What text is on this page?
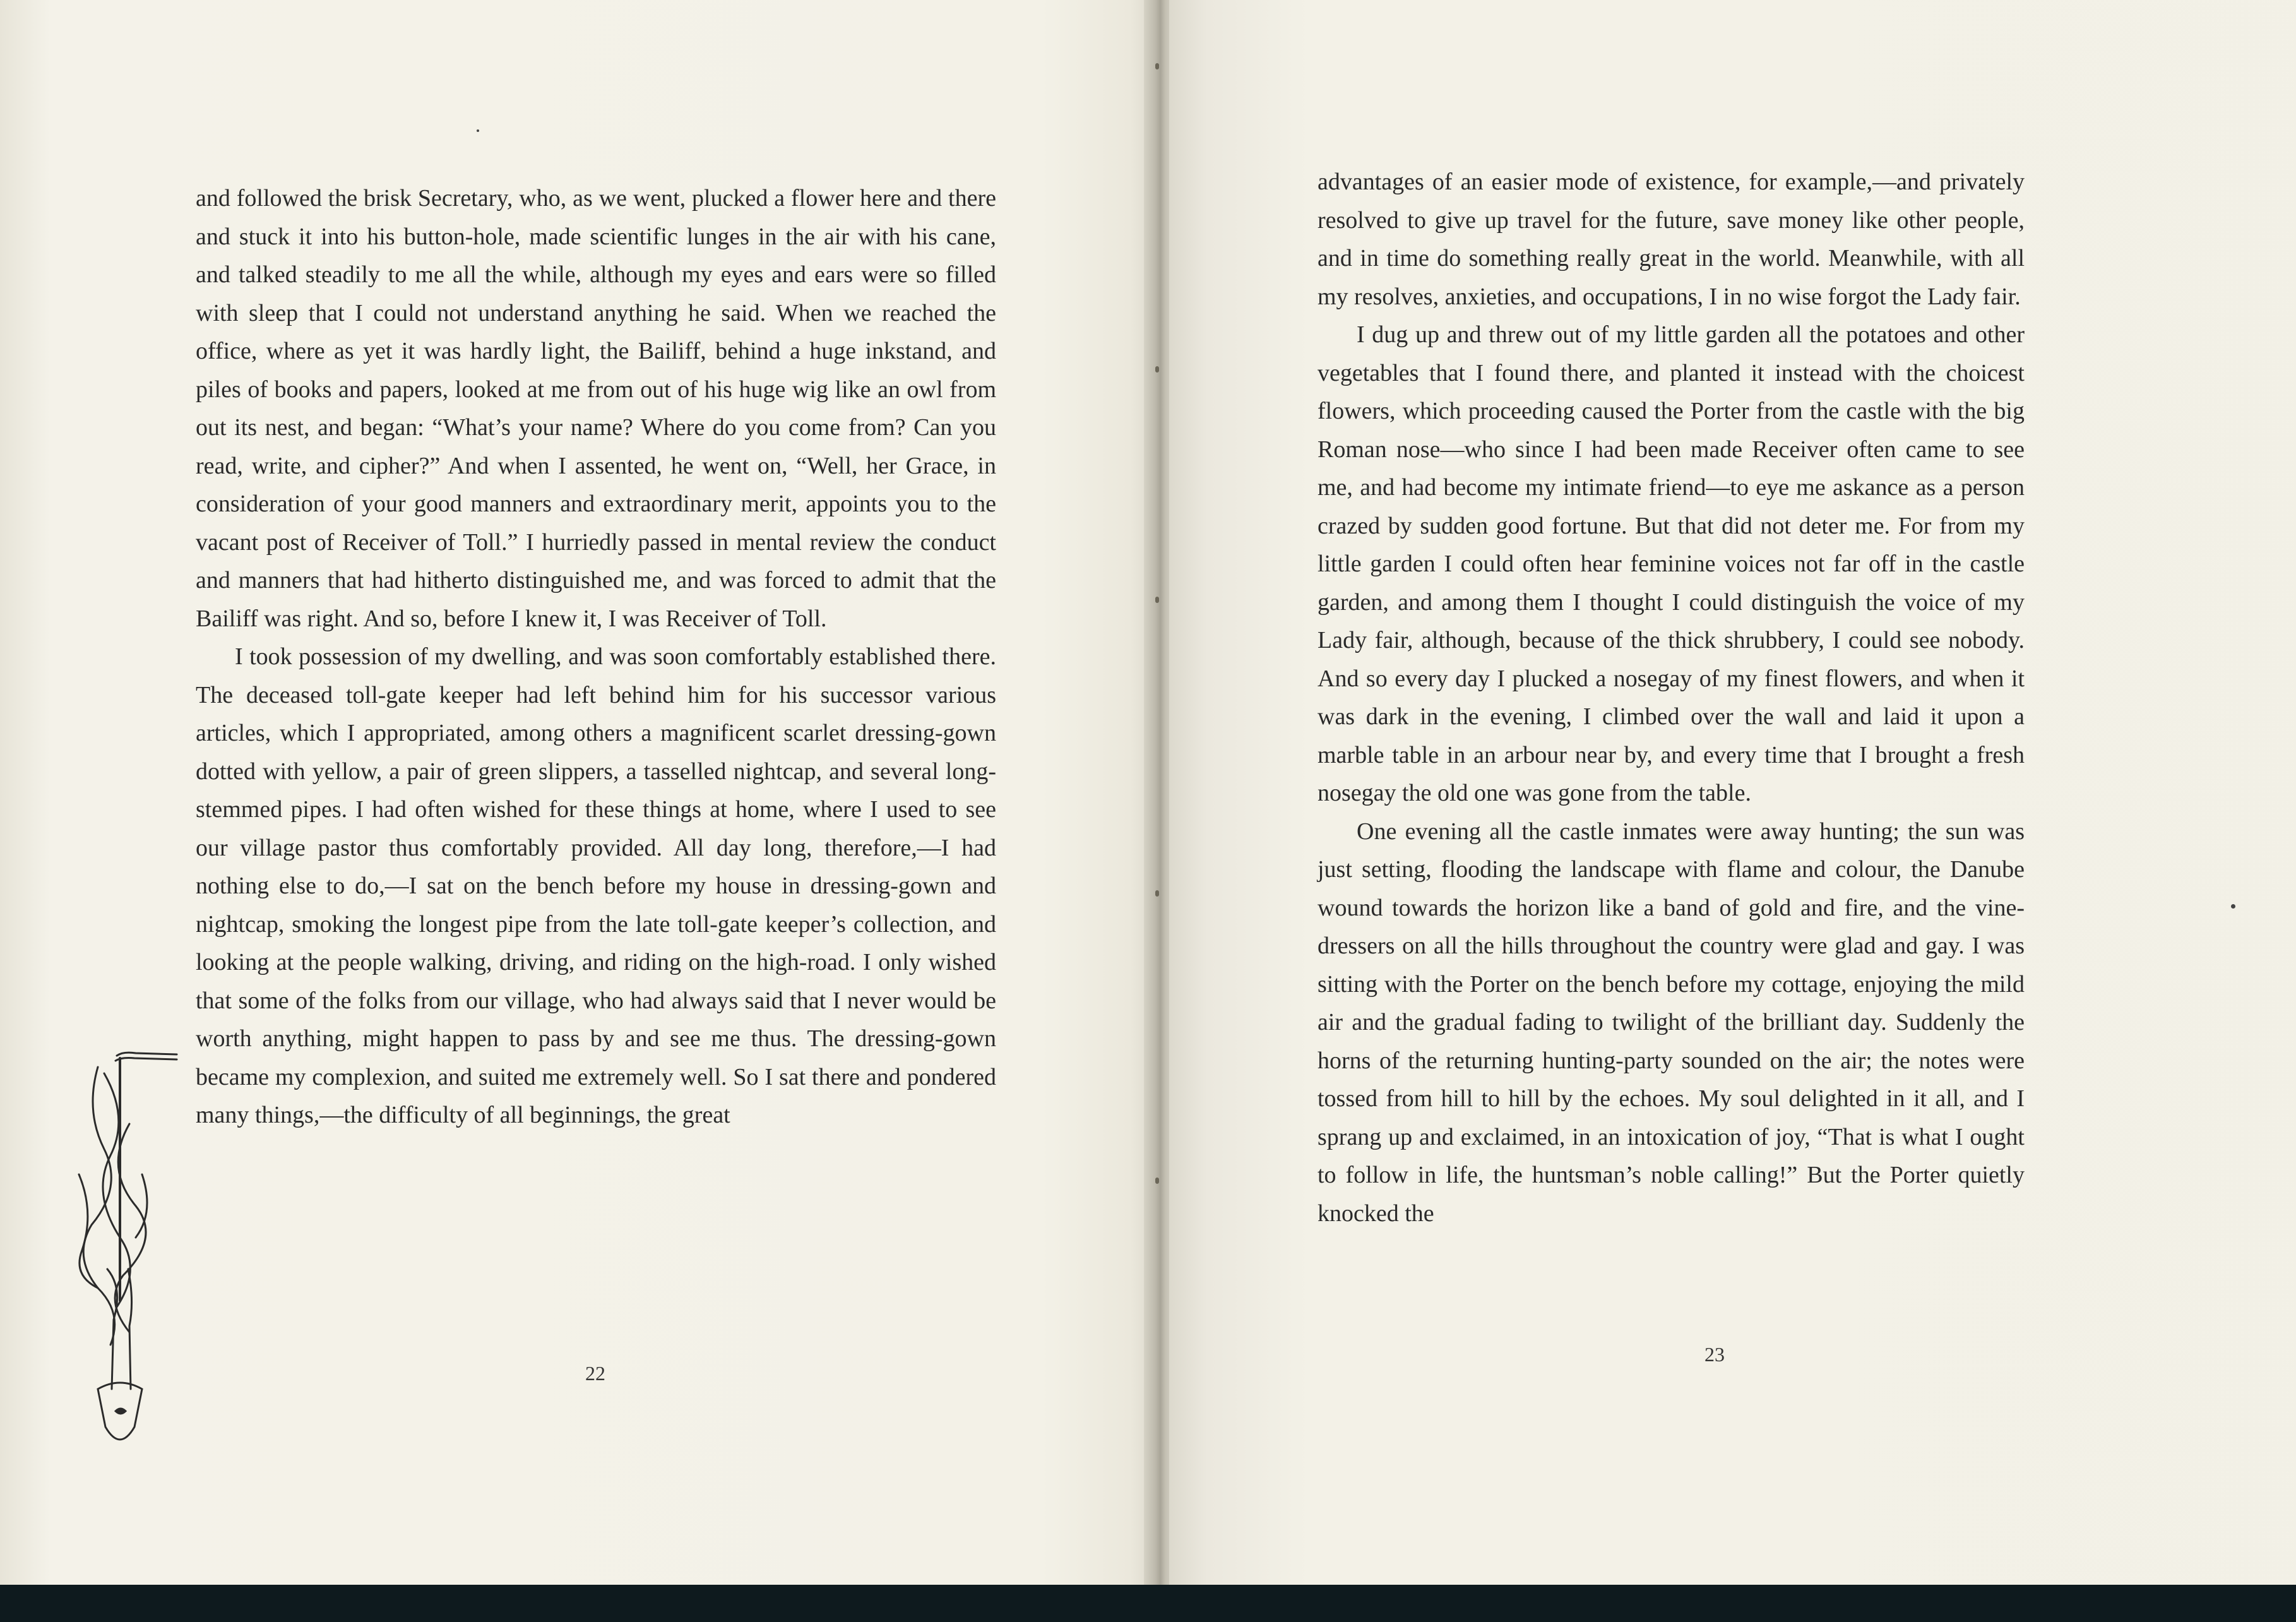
and followed the brisk Secretary, who, as we went, plucked a flower here and there and stuck it into his button-hole, made scientific lunges in the air with his cane, and talked steadily to me all the while, although my eyes and ears were so filled with sleep that I could not understand anything he said. When we reached the office, where as yet it was hardly light, the Bailiff, behind a huge inkstand, and piles of books and papers, looked at me from out of his huge wig like an owl from out its nest, and began: “What’s your name? Where do you come from? Can you read, write, and cipher?” And when I assented, he went on, “Well, her Grace, in consideration of your good manners and extraordinary merit, appoints you to the vacant post of Receiver of Toll.” I hurriedly passed in mental review the conduct and manners that had hitherto distinguished me, and was forced to admit that the Bailiff was right. And so, before I knew it, I was Receiver of Toll.

I took possession of my dwelling, and was soon comfortably established there. The deceased toll-gate keeper had left behind him for his successor various articles, which I appropriated, among others a magnificent scarlet dressing-gown dotted with yellow, a pair of green slippers, a tasselled nightcap, and several long-stemmed pipes. I had often wished for these things at home, where I used to see our village pastor thus comfortably provided. All day long, therefore,—I had nothing else to do,—I sat on the bench before my house in dressing-gown and nightcap, smoking the longest pipe from the late toll-gate keeper’s collection, and looking at the people walking, driving, and riding on the high-road. I only wished that some of the folks from our village, who had always said that I never would be worth anything, might happen to pass by and see me thus. The dressing-gown became my complexion, and suited me extremely well. So I sat there and pondered many things,—the difficulty of all beginnings, the great

22

advantages of an easier mode of existence, for example,—and privately resolved to give up travel for the future, save money like other people, and in time do something really great in the world. Meanwhile, with all my resolves, anxieties, and occupations, I in no wise forgot the Lady fair.

I dug up and threw out of my little garden all the potatoes and other vegetables that I found there, and planted it instead with the choicest flowers, which proceeding caused the Porter from the castle with the big Roman nose—who since I had been made Receiver often came to see me, and had become my intimate friend—to eye me askance as a person crazed by sudden good fortune. But that did not deter me. For from my little garden I could often hear feminine voices not far off in the castle garden, and among them I thought I could distinguish the voice of my Lady fair, although, because of the thick shrubbery, I could see nobody. And so every day I plucked a nosegay of my finest flowers, and when it was dark in the evening, I climbed over the wall and laid it upon a marble table in an arbour near by, and every time that I brought a fresh nosegay the old one was gone from the table.

One evening all the castle inmates were away hunting; the sun was just setting, flooding the landscape with flame and colour, the Danube wound towards the horizon like a band of gold and fire, and the vine-dressers on all the hills throughout the country were glad and gay. I was sitting with the Porter on the bench before my cottage, enjoying the mild air and the gradual fading to twilight of the brilliant day. Suddenly the horns of the returning hunting-party sounded on the air; the notes were tossed from hill to hill by the echoes. My soul delighted in it all, and I sprang up and exclaimed, in an intoxication of joy, “That is what I ought to follow in life, the huntsman’s noble calling!” But the Porter quietly knocked the

23
